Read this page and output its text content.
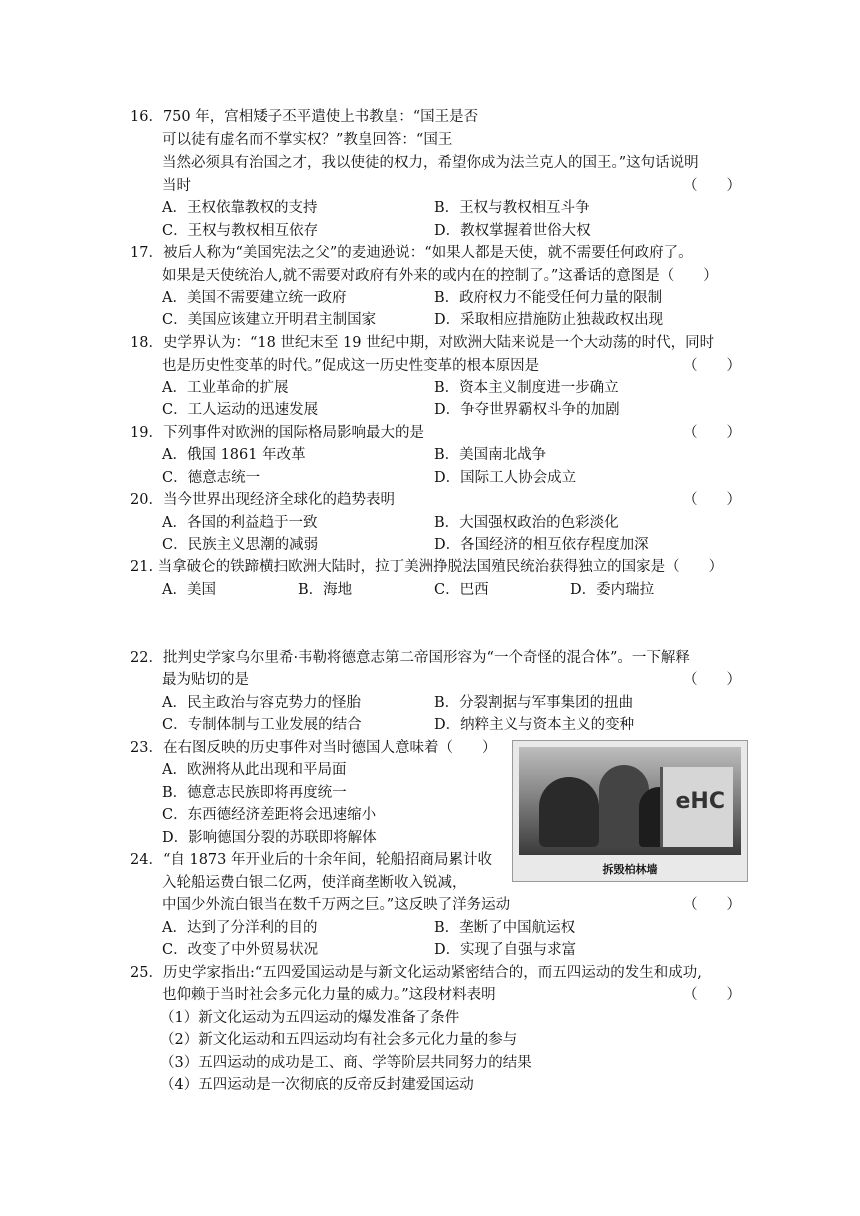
16．750 年，宫相矮子丕平遣使上书教皇：“国王是否
可以徒有虚名而不掌实权？”教皇回答：“国王
当然必须具有治国之才，我以使徒的权力，希望你成为法兰克人的国王。”这句话说明
当时	（　　）
A．王权依靠教权的支持	B．王权与教权相互斗争
C．王权与教权相互依存	D．教权掌握着世俗大权
17．被后人称为“美国宪法之父”的麦迪逊说：“如果人都是天使，就不需要任何政府了。
如果是天使统治人,就不需要对政府有外来的或内在的控制了。”这番话的意图是（　　）
A．美国不需要建立统一政府	B．政府权力不能受任何力量的限制
C．美国应该建立开明君主制国家	D．采取相应措施防止独裁政权出现
18．史学界认为：“18 世纪末至 19 世纪中期，对欧洲大陆来说是一个大动荡的时代，同时
也是历史性变革的时代。”促成这一历史性变革的根本原因是	（　　）
A．工业革命的扩展	B．资本主义制度进一步确立
C．工人运动的迅速发展	D．争夺世界霸权斗争的加剧
19．下列事件对欧洲的国际格局影响最大的是	（　　）
A．俄国 1861 年改革	B．美国南北战争
C．德意志统一	D．国际工人协会成立
20．当今世界出现经济全球化的趋势表明	（　　）
A．各国的利益趋于一致	B．大国强权政治的色彩淡化
C．民族主义思潮的减弱	D．各国经济的相互依存程度加深
21. 当拿破仑的铁蹄横扫欧洲大陆时，拉丁美洲挣脱法国殖民统治获得独立的国家是（　　）
A．美国	B．海地	C．巴西	D．委内瑞拉
22．批判史学家乌尔里希·韦勒将德意志第二帝国形容为“一个奇怪的混合体”。一下解释
最为贴切的是	（　　）
A．民主政治与容克势力的怪胎	B．分裂割据与军事集团的扭曲
C．专制体制与工业发展的结合	D．纳粹主义与资本主义的变种
23．在右图反映的历史事件对当时德国人意味着（　　）
A．欧洲将从此出现和平局面
B．德意志民族即将再度统一
C．东西德经济差距将会迅速缩小
D．影响德国分裂的苏联即将解体
eHC
拆毁柏林墙
24．“自 1873 年开业后的十余年间，轮船招商局累计收
入轮船运费白银二亿两，使洋商垄断收入锐减，
中国少外流白银当在数千万两之巨。”这反映了洋务运动	（　　）
A．达到了分洋利的目的	B．垄断了中国航运权
C．改变了中外贸易状况	D．实现了自强与求富
25．历史学家指出:“五四爱国运动是与新文化运动紧密结合的，而五四运动的发生和成功,
也仰赖于当时社会多元化力量的威力。”这段材料表明	（　　）
（1）新文化运动为五四运动的爆发准备了条件
（2）新文化运动和五四运动均有社会多元化力量的参与
（3）五四运动的成功是工、商、学等阶层共同努力的结果
（4）五四运动是一次彻底的反帝反封建爱国运动
